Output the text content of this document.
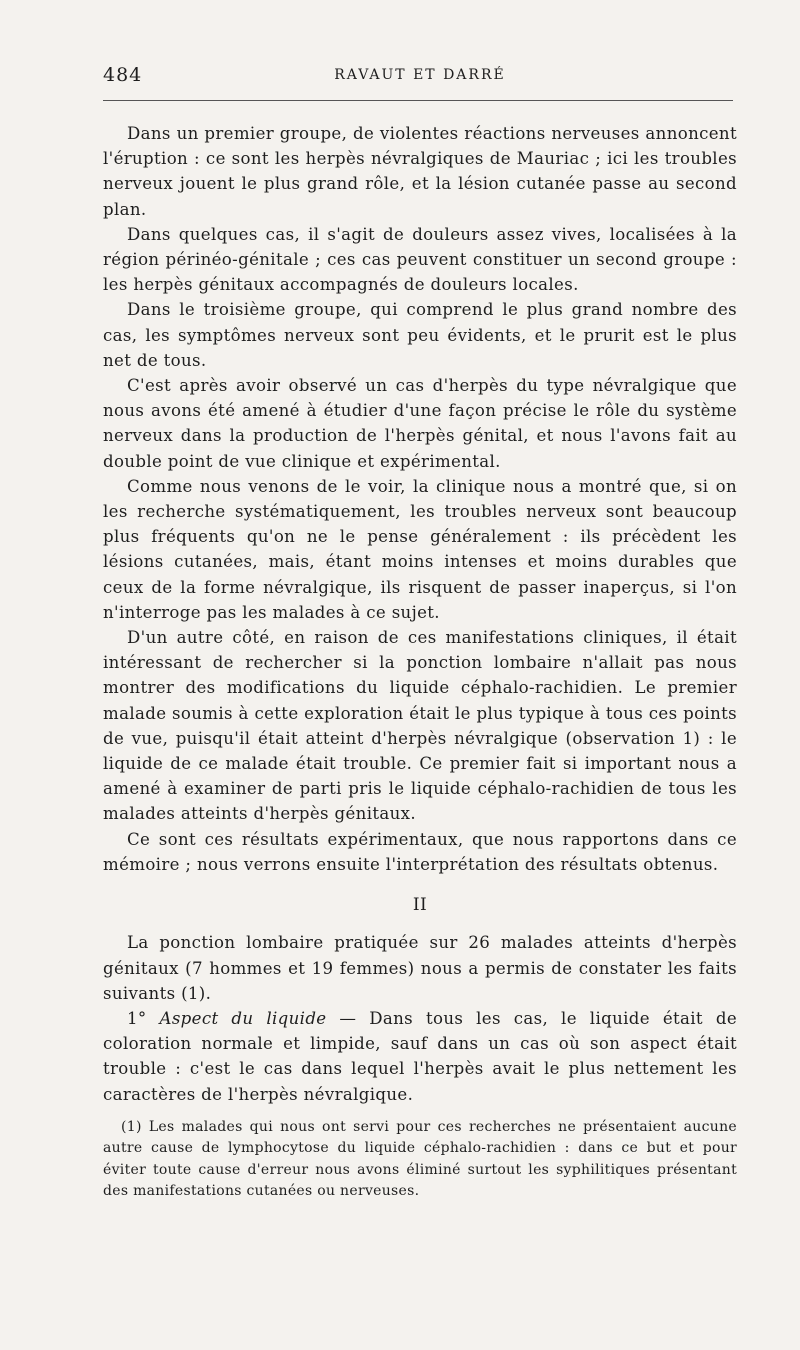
484	RAVAUT ET DARRÉ

Dans un premier groupe, de violentes réactions nerveuses annoncent l'éruption : ce sont les herpès névralgiques de Mauriac ; ici les troubles nerveux jouent le plus grand rôle, et la lésion cutanée passe au second plan.

Dans quelques cas, il s'agit de douleurs assez vives, localisées à la région périnéo-génitale ; ces cas peuvent constituer un second groupe : les herpès génitaux accompagnés de douleurs locales.

Dans le troisième groupe, qui comprend le plus grand nombre des cas, les symptômes nerveux sont peu évidents, et le prurit est le plus net de tous.

C'est après avoir observé un cas d'herpès du type névralgique que nous avons été amené à étudier d'une façon précise le rôle du système nerveux dans la production de l'herpès génital, et nous l'avons fait au double point de vue clinique et expérimental.

Comme nous venons de le voir, la clinique nous a montré que, si on les recherche systématiquement, les troubles nerveux sont beaucoup plus fréquents qu'on ne le pense généralement : ils précèdent les lésions cutanées, mais, étant moins intenses et moins durables que ceux de la forme névralgique, ils risquent de passer inaperçus, si l'on n'interroge pas les malades à ce sujet.

D'un autre côté, en raison de ces manifestations cliniques, il était intéressant de rechercher si la ponction lombaire n'allait pas nous montrer des modifications du liquide céphalo-rachidien. Le premier malade soumis à cette exploration était le plus typique à tous ces points de vue, puisqu'il était atteint d'herpès névralgique (observation 1) : le liquide de ce malade était trouble. Ce premier fait si important nous a amené à examiner de parti pris le liquide céphalo-rachidien de tous les malades atteints d'herpès génitaux.

Ce sont ces résultats expérimentaux, que nous rapportons dans ce mémoire ; nous verrons ensuite l'interprétation des résultats obtenus.

II

La ponction lombaire pratiquée sur 26 malades atteints d'herpès génitaux (7 hommes et 19 femmes) nous a permis de constater les faits suivants (1).

1° Aspect du liquide — Dans tous les cas, le liquide était de coloration normale et limpide, sauf dans un cas où son aspect était trouble : c'est le cas dans lequel l'herpès avait le plus nettement les caractères de l'herpès névralgique.

(1) Les malades qui nous ont servi pour ces recherches ne présentaient aucune autre cause de lymphocytose du liquide céphalo-rachidien : dans ce but et pour éviter toute cause d'erreur nous avons éliminé surtout les syphilitiques présentant des manifestations cutanées ou nerveuses.
